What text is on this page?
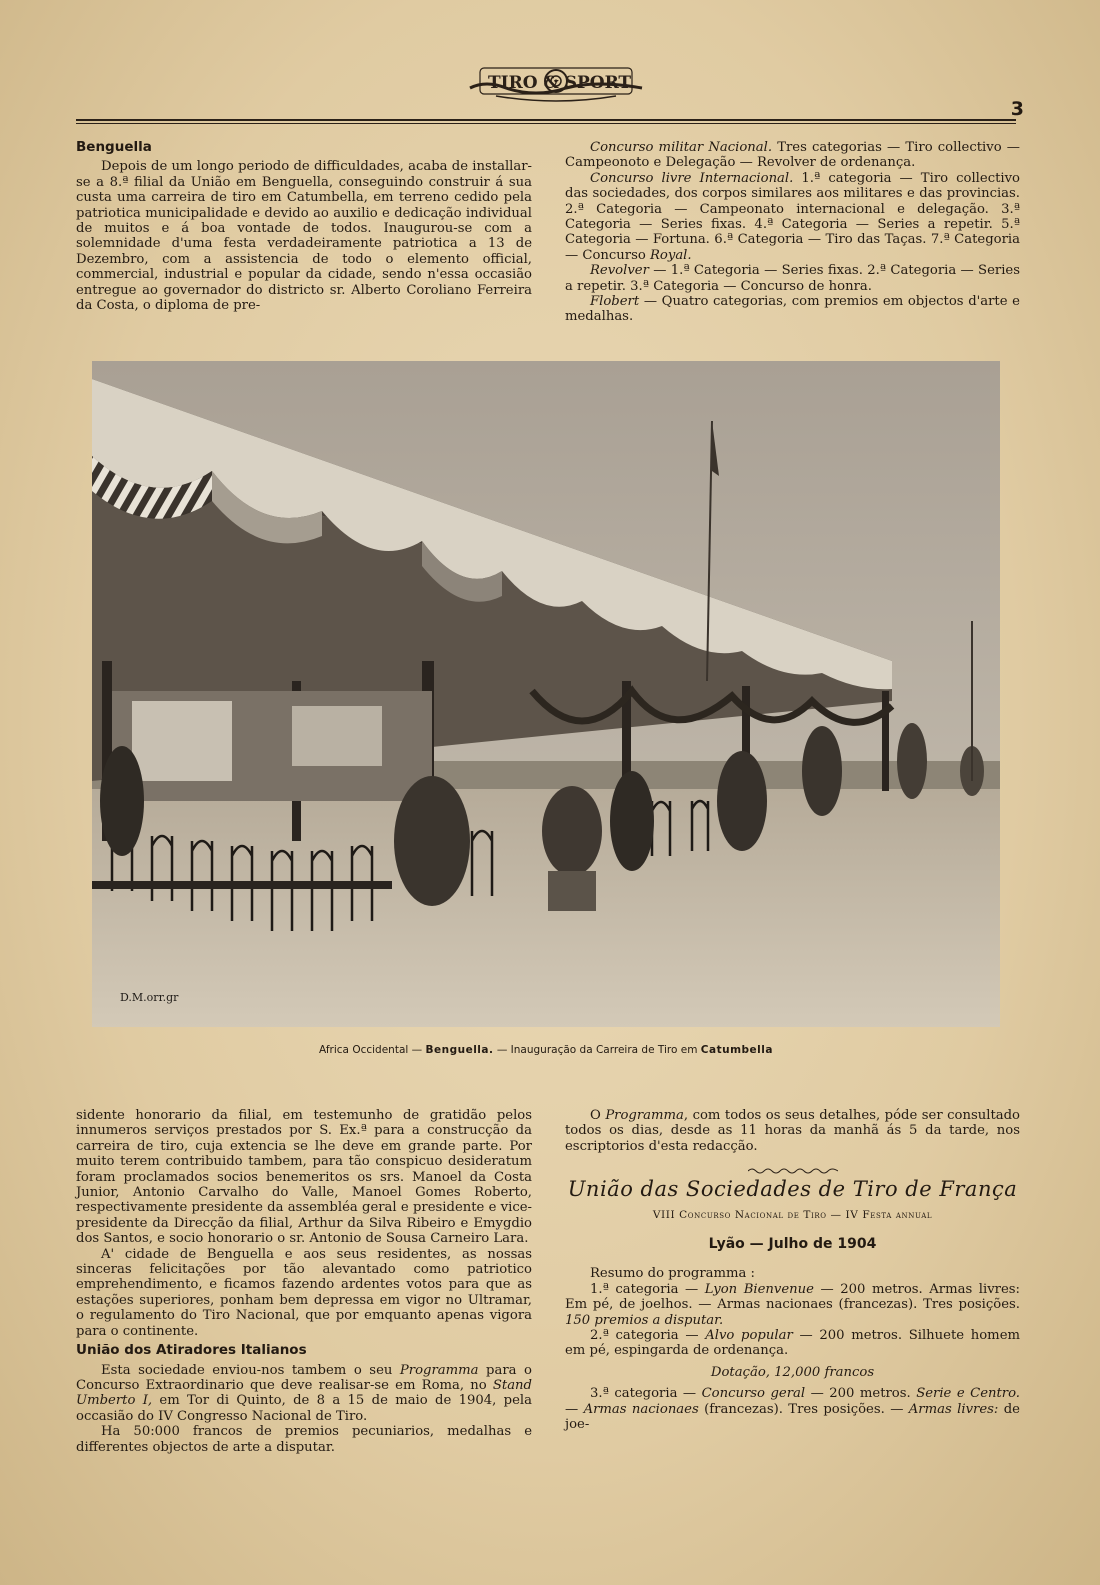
TIRO & SPORT
3
Benguella

Depois de um longo periodo de difficuldades, acaba de installar-se a 8.ª filial da União em Benguella, conseguindo construir á sua custa uma carreira de tiro em Catumbella, em terreno cedido pela patriotica municipalidade e devido ao auxilio e dedicação individual de muitos e á boa vontade de todos. Inaugurou-se com a solemnidade d'uma festa verdadeiramente patriotica a 13 de Dezembro, com a assistencia de todo o elemento official, commercial, industrial e popular da cidade, sendo n'essa occasião entregue ao governador do districto sr. Alberto Coroliano Ferreira da Costa, o diploma de pre-

Concurso militar Nacional. Tres categorias — Tiro collectivo — Campeonoto e Delegação — Revolver de ordenança.

Concurso livre Internacional. 1.ª categoria — Tiro collectivo das sociedades, dos corpos similares aos militares e das provincias. 2.ª Categoria — Campeonato internacional e delegação. 3.ª Categoria — Series fixas. 4.ª Categoria — Series a repetir. 5.ª Categoria — Fortuna. 6.ª Categoria — Tiro das Taças. 7.ª Categoria — Concurso Royal.

Revolver — 1.ª Categoria — Series fixas. 2.ª Categoria — Series a repetir. 3.ª Categoria — Concurso de honra.

Flobert — Quatro categorias, com premios em objectos d'arte e medalhas.

D.M.orr.gr
Africa Occidental — Benguella. — Inauguração da Carreira de Tiro em Catumbella

sidente honorario da filial, em testemunho de gratidão pelos innumeros serviços prestados por S. Ex.ª para a construcção da carreira de tiro, cuja extencia se lhe deve em grande parte. Por muito terem contribuido tambem, para tão conspicuo desideratum foram proclamados socios benemeritos os srs. Manoel da Costa Junior, Antonio Carvalho do Valle, Manoel Gomes Roberto, respectivamente presidente da assembléa geral e presidente e vice-presidente da Direcção da filial, Arthur da Silva Ribeiro e Emygdio dos Santos, e socio honorario o sr. Antonio de Sousa Carneiro Lara.

A' cidade de Benguella e aos seus residentes, as nossas sinceras felicitações por tão alevantado como patriotico emprehendimento, e ficamos fazendo ardentes votos para que as estações superiores, ponham bem depressa em vigor no Ultramar, o regulamento do Tiro Nacional, que por emquanto apenas vigora para o continente.

União dos Atiradores Italianos

Esta sociedade enviou-nos tambem o seu Programma para o Concurso Extraordinario que deve realisar-se em Roma, no Stand Umberto I, em Tor di Quinto, de 8 a 15 de maio de 1904, pela occasião do IV Congresso Nacional de Tiro.

Ha 50:000 francos de premios pecuniarios, medalhas e differentes objectos de arte a disputar.

O Programma, com todos os seus detalhes, póde ser consultado todos os dias, desde as 11 horas da manhã ás 5 da tarde, nos escriptorios d'esta redacção.

União das Sociedades de Tiro de França
VIII Concurso Nacional de Tiro — IV Festa annual
Lyão — Julho de 1904

Resumo do programma :

1.ª categoria — Lyon Bienvenue — 200 metros. Armas livres: Em pé, de joelhos. — Armas nacionaes (francezas). Tres posições. 150 premios a disputar.

2.ª categoria — Alvo popular — 200 metros. Silhuete homem em pé, espingarda de ordenança.

Dotação, 12,000 francos

3.ª categoria — Concurso geral — 200 metros. Serie e Centro. — Armas nacionaes (francezas). Tres posições. — Armas livres: de joe-
